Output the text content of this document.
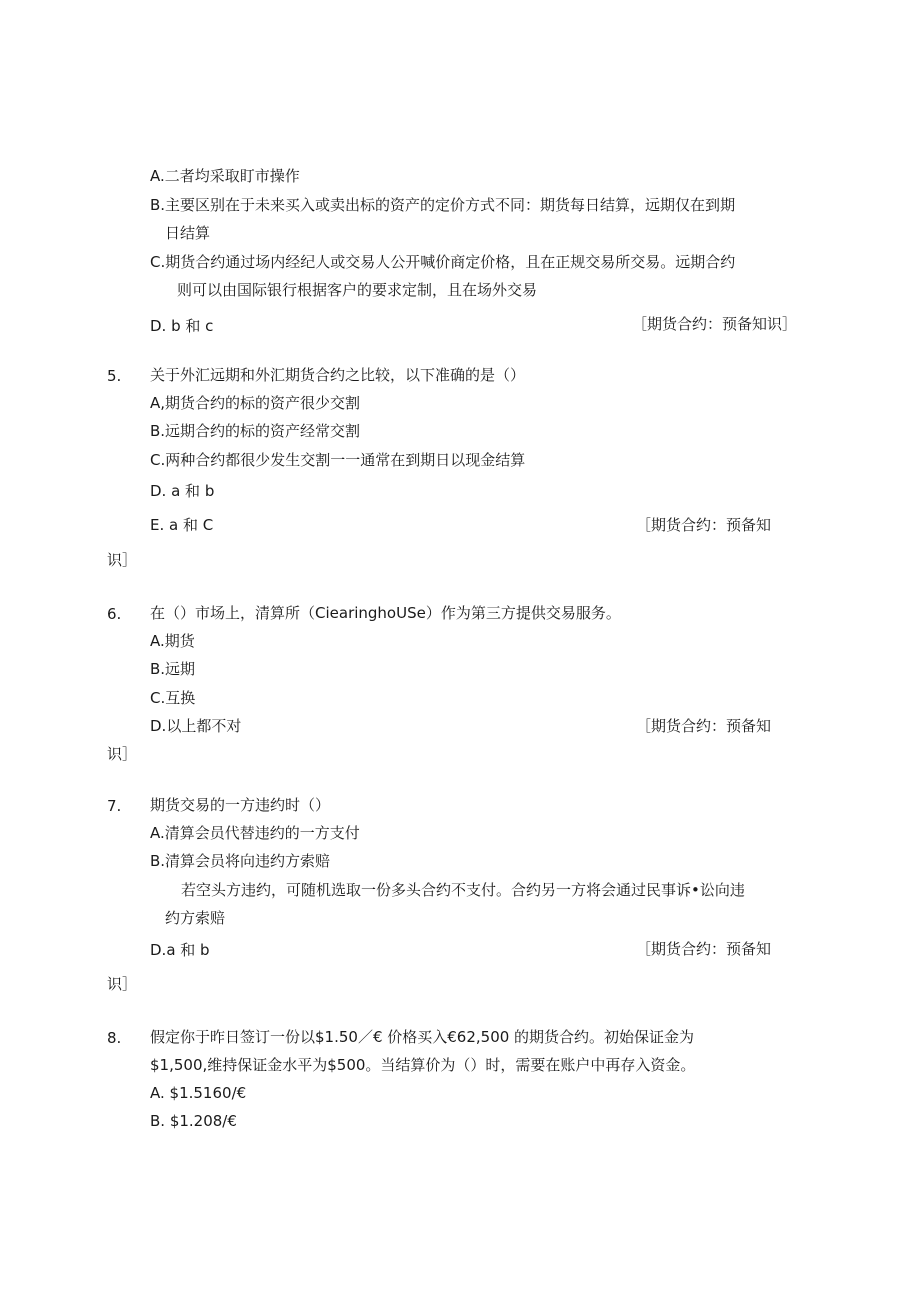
A.二者均采取盯市操作
B.主要区别在于未来买入或卖出标的资产的定价方式不同：期货每日结算，远期仅在到期
日结算
C.期货合约通过场内经纪人或交易人公开喊价商定价格，且在正规交易所交易。远期合约
则可以由国际银行根据客户的要求定制，且在场外交易
D. b 和 c	［期货合约：预备知识］
5. 关于外汇远期和外汇期货合约之比较，以下准确的是（）
A,期货合约的标的资产很少交割
B.远期合约的标的资产经常交割
C.两种合约都很少发生交割一一通常在到期日以现金结算
D. a 和 b
E. a 和 C	［期货合约：预备知
识］
6. 在（）市场上，清算所（CiearinghoUSe）作为第三方提供交易服务。
A.期货
B.远期
C.互换
D.以上都不对	［期货合约：预备知
识］
7. 期货交易的一方违约时（）
A.清算会员代替违约的一方支付
B.清算会员将向违约方索赔
若空头方违约，可随机选取一份多头合约不支付。合约另一方将会通过民事诉•讼向违
约方索赔
D.a 和 b	［期货合约：预备知
识］
8. 假定你于昨日签订一份以$1.50／€ 价格买入€62,500 的期货合约。初始保证金为
$1,500,维持保证金水平为$500。当结算价为（）时，需要在账户中再存入资金。
A. $1.5160/€
B. $1.208/€
